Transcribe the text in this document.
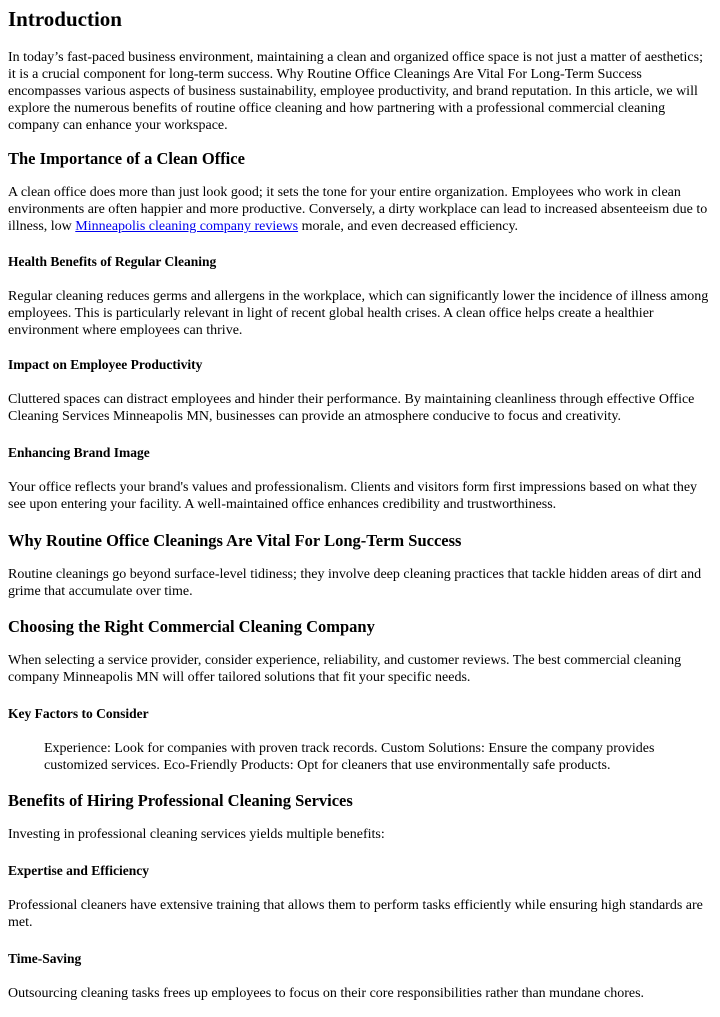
Introduction

In today’s fast-paced business environment, maintaining a clean and organized office space is not just a matter of aesthetics; it is a crucial component for long-term success. Why Routine Office Cleanings Are Vital For Long-Term Success encompasses various aspects of business sustainability, employee productivity, and brand reputation. In this article, we will explore the numerous benefits of routine office cleaning and how partnering with a professional commercial cleaning company can enhance your workspace.

The Importance of a Clean Office

A clean office does more than just look good; it sets the tone for your entire organization. Employees who work in clean environments are often happier and more productive. Conversely, a dirty workplace can lead to increased absenteeism due to illness, low Minneapolis cleaning company reviews morale, and even decreased efficiency.

Health Benefits of Regular Cleaning

Regular cleaning reduces germs and allergens in the workplace, which can significantly lower the incidence of illness among employees. This is particularly relevant in light of recent global health crises. A clean office helps create a healthier environment where employees can thrive.

Impact on Employee Productivity

Cluttered spaces can distract employees and hinder their performance. By maintaining cleanliness through effective Office Cleaning Services Minneapolis MN, businesses can provide an atmosphere conducive to focus and creativity.

Enhancing Brand Image

Your office reflects your brand's values and professionalism. Clients and visitors form first impressions based on what they see upon entering your facility. A well-maintained office enhances credibility and trustworthiness.

Why Routine Office Cleanings Are Vital For Long-Term Success

Routine cleanings go beyond surface-level tidiness; they involve deep cleaning practices that tackle hidden areas of dirt and grime that accumulate over time.

Choosing the Right Commercial Cleaning Company

When selecting a service provider, consider experience, reliability, and customer reviews. The best commercial cleaning company Minneapolis MN will offer tailored solutions that fit your specific needs.

Key Factors to Consider

Experience: Look for companies with proven track records. Custom Solutions: Ensure the company provides customized services. Eco-Friendly Products: Opt for cleaners that use environmentally safe products.

Benefits of Hiring Professional Cleaning Services

Investing in professional cleaning services yields multiple benefits:

Expertise and Efficiency

Professional cleaners have extensive training that allows them to perform tasks efficiently while ensuring high standards are met.

Time-Saving

Outsourcing cleaning tasks frees up employees to focus on their core responsibilities rather than mundane chores.
